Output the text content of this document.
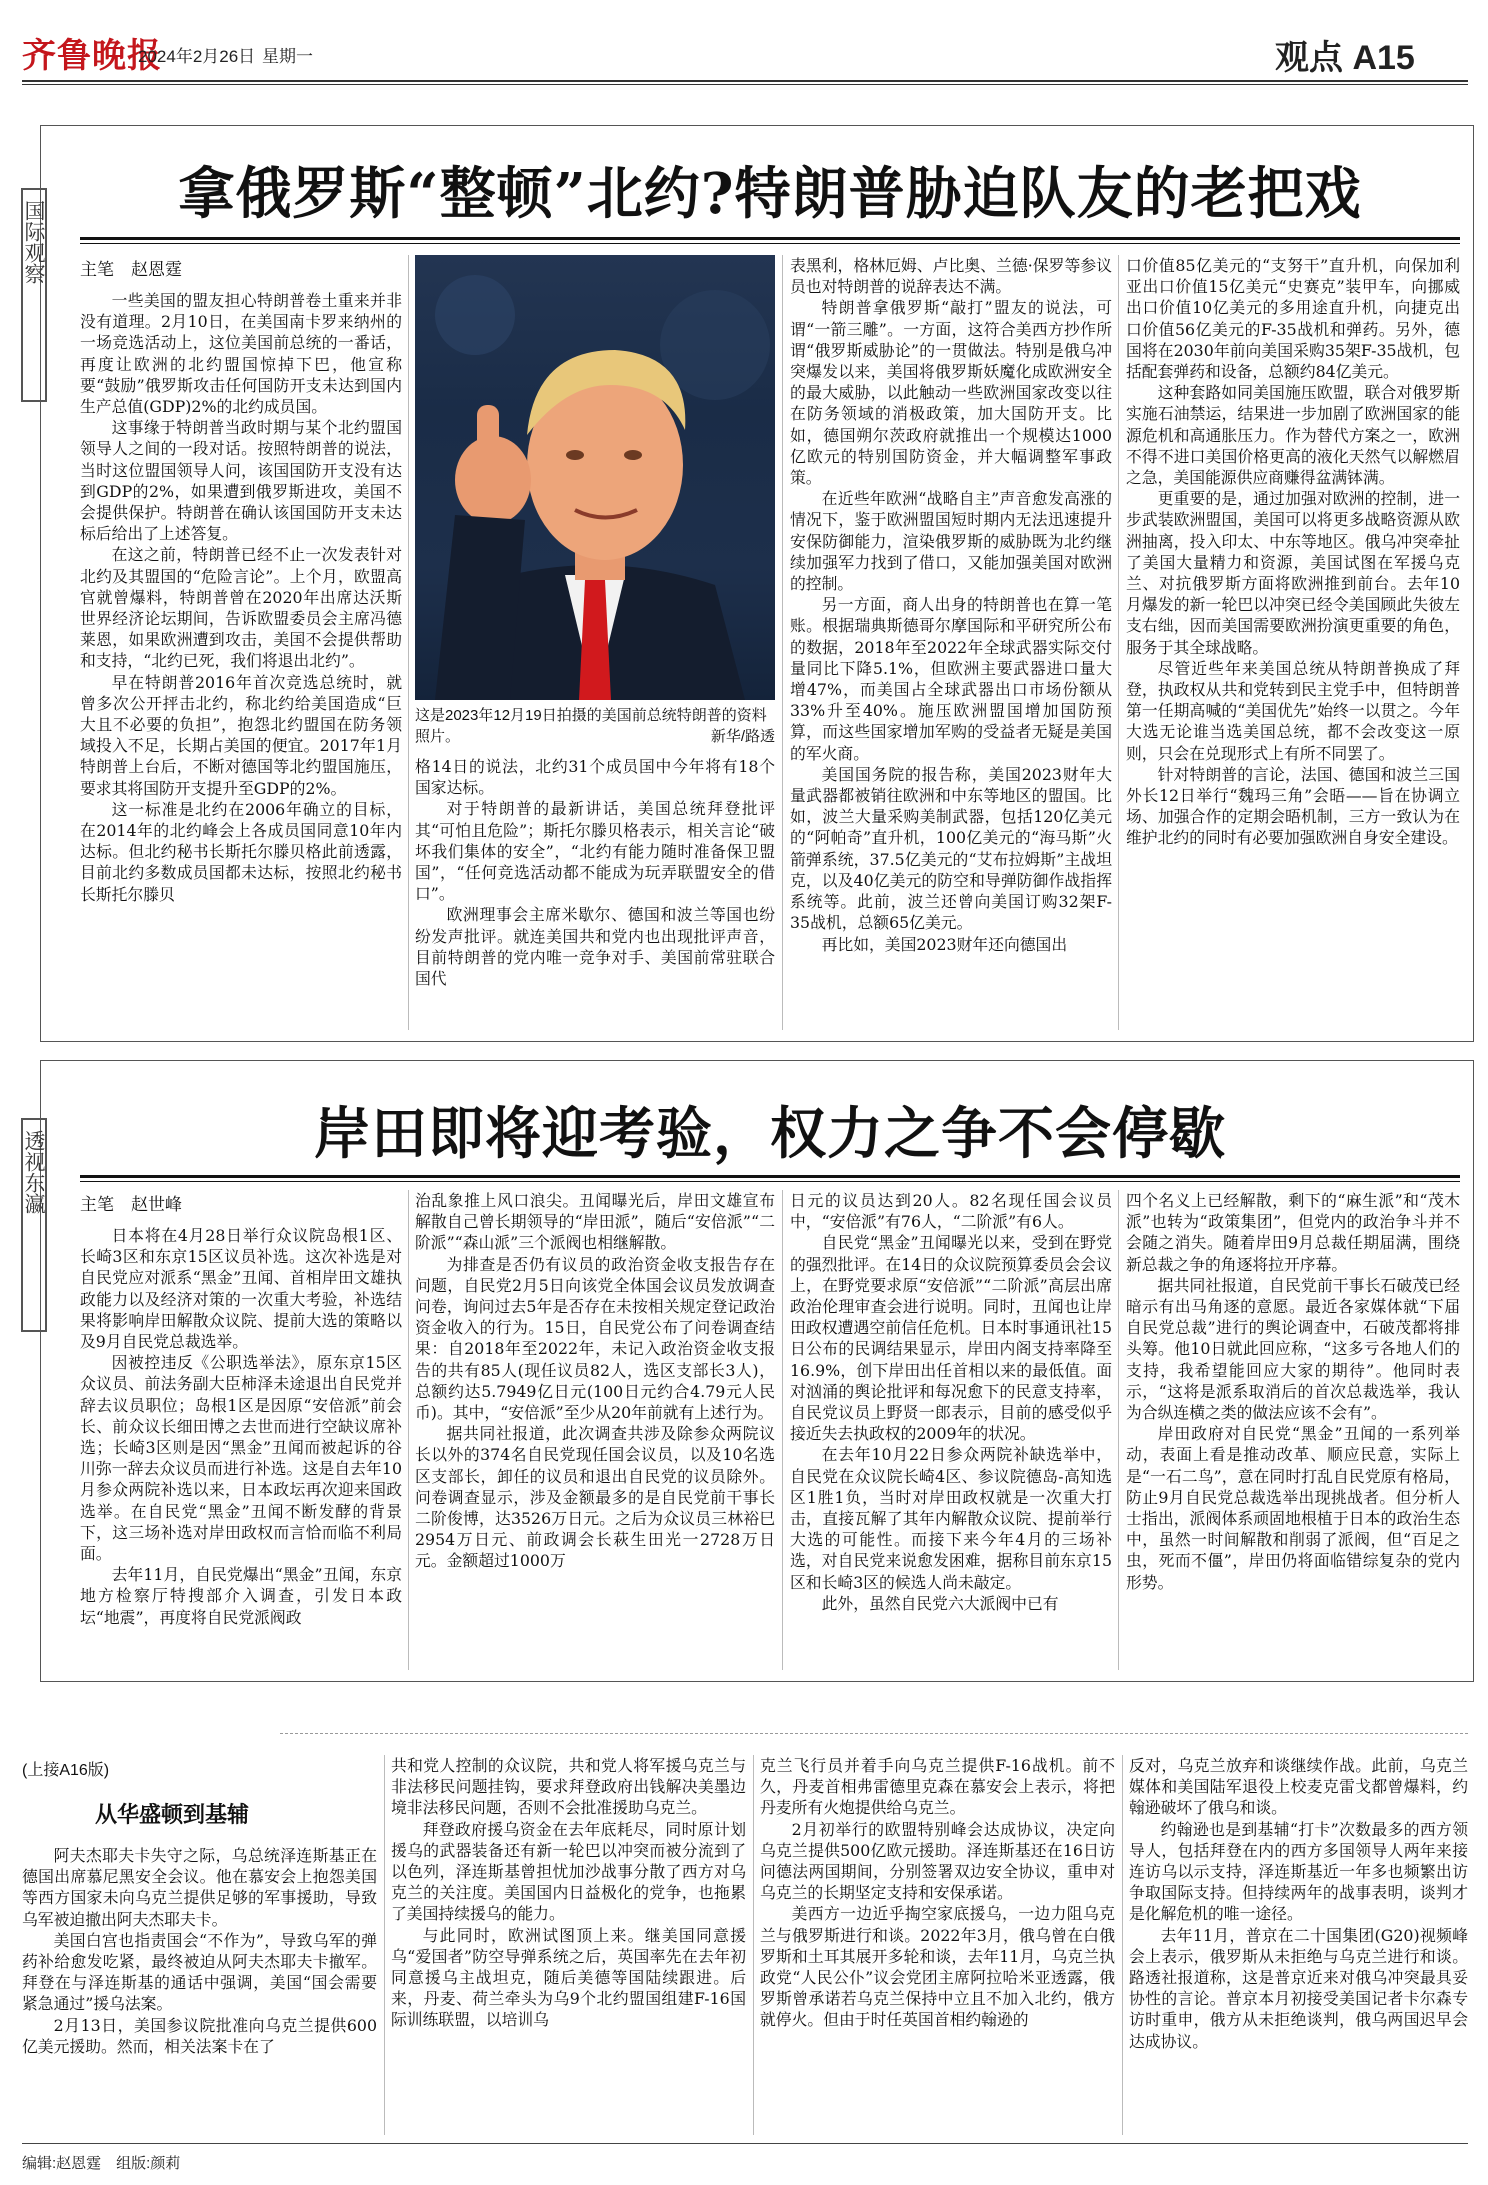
齐鲁晚报
2024年2月26日 星期一	观点 A15
国际观察
拿俄罗斯“整顿”北约?特朗普胁迫队友的老把戏
主笔　赵恩霆

一些美国的盟友担心特朗普卷土重来并非没有道理。2月10日，在美国南卡罗来纳州的一场竞选活动上，这位美国前总统的一番话，再度让欧洲的北约盟国惊掉下巴，他宣称要“鼓励”俄罗斯攻击任何国防开支未达到国内生产总值(GDP)2%的北约成员国。

这事缘于特朗普当政时期与某个北约盟国领导人之间的一段对话。按照特朗普的说法，当时这位盟国领导人问，该国国防开支没有达到GDP的2%，如果遭到俄罗斯进攻，美国不会提供保护。特朗普在确认该国国防开支未达标后给出了上述答复。

在这之前，特朗普已经不止一次发表针对北约及其盟国的“危险言论”。上个月，欧盟高官就曾爆料，特朗普曾在2020年出席达沃斯世界经济论坛期间，告诉欧盟委员会主席冯德莱恩，如果欧洲遭到攻击，美国不会提供帮助和支持，“北约已死，我们将退出北约”。

早在特朗普2016年首次竞选总统时，就曾多次公开抨击北约，称北约给美国造成“巨大且不必要的负担”，抱怨北约盟国在防务领域投入不足，长期占美国的便宜。2017年1月特朗普上台后，不断对德国等北约盟国施压，要求其将国防开支提升至GDP的2%。

这一标准是北约在2006年确立的目标，在2014年的北约峰会上各成员国同意10年内达标。但北约秘书长斯托尔滕贝格此前透露，目前北约多数成员国都未达标，按照北约秘书长斯托尔滕贝

这是2023年12月19日拍摄的美国前总统特朗普的资料照片。	新华/路透

格14日的说法，北约31个成员国中今年将有18个国家达标。

对于特朗普的最新讲话，美国总统拜登批评其“可怕且危险”；斯托尔滕贝格表示，相关言论“破坏我们集体的安全”，“北约有能力随时准备保卫盟国”，“任何竞选活动都不能成为玩弄联盟安全的借口”。

欧洲理事会主席米歇尔、德国和波兰等国也纷纷发声批评。就连美国共和党内也出现批评声音，目前特朗普的党内唯一竞争对手、美国前常驻联合国代

表黑利，格林厄姆、卢比奥、兰德·保罗等参议员也对特朗普的说辞表达不满。

特朗普拿俄罗斯“敲打”盟友的说法，可谓“一箭三雕”。一方面，这符合美西方抄作所谓“俄罗斯威胁论”的一贯做法。特别是俄乌冲突爆发以来，美国将俄罗斯妖魔化成欧洲安全的最大威胁，以此触动一些欧洲国家改变以往在防务领域的消极政策，加大国防开支。比如，德国朔尔茨政府就推出一个规模达1000亿欧元的特别国防资金，并大幅调整军事政策。

在近些年欧洲“战略自主”声音愈发高涨的情况下，鉴于欧洲盟国短时期内无法迅速提升安保防御能力，渲染俄罗斯的威胁既为北约继续加强军力找到了借口，又能加强美国对欧洲的控制。

另一方面，商人出身的特朗普也在算一笔账。根据瑞典斯德哥尔摩国际和平研究所公布的数据，2018年至2022年全球武器实际交付量同比下降5.1%，但欧洲主要武器进口量大增47%，而美国占全球武器出口市场份额从33%升至40%。施压欧洲盟国增加国防预算，而这些国家增加军购的受益者无疑是美国的军火商。

美国国务院的报告称，美国2023财年大量武器都被销往欧洲和中东等地区的盟国。比如，波兰大量采购美制武器，包括120亿美元的“阿帕奇”直升机，100亿美元的“海马斯”火箭弹系统，37.5亿美元的“艾布拉姆斯”主战坦克，以及40亿美元的防空和导弹防御作战指挥系统等。此前，波兰还曾向美国订购32架F-35战机，总额65亿美元。

再比如，美国2023财年还向德国出

口价值85亿美元的“支努干”直升机，向保加利亚出口价值15亿美元“史赛克”装甲车，向挪威出口价值10亿美元的多用途直升机，向捷克出口价值56亿美元的F-35战机和弹药。另外，德国将在2030年前向美国采购35架F-35战机，包括配套弹药和设备，总额约84亿美元。

这种套路如同美国施压欧盟，联合对俄罗斯实施石油禁运，结果进一步加剧了欧洲国家的能源危机和高通胀压力。作为替代方案之一，欧洲不得不进口美国价格更高的液化天然气以解燃眉之急，美国能源供应商赚得盆满钵满。

更重要的是，通过加强对欧洲的控制，进一步武装欧洲盟国，美国可以将更多战略资源从欧洲抽离，投入印太、中东等地区。俄乌冲突牵扯了美国大量精力和资源，美国试图在军援乌克兰、对抗俄罗斯方面将欧洲推到前台。去年10月爆发的新一轮巴以冲突已经令美国顾此失彼左支右绌，因而美国需要欧洲扮演更重要的角色，服务于其全球战略。

尽管近些年来美国总统从特朗普换成了拜登，执政权从共和党转到民主党手中，但特朗普第一任期高喊的“美国优先”始终一以贯之。今年大选无论谁当选美国总统，都不会改变这一原则，只会在兑现形式上有所不同罢了。

针对特朗普的言论，法国、德国和波兰三国外长12日举行“魏玛三角”会晤——旨在协调立场、加强合作的定期会晤机制，三方一致认为在维护北约的同时有必要加强欧洲自身安全建设。

透视东瀛	岸田即将迎考验，权力之争不会停歇
主笔　赵世峰

日本将在4月28日举行众议院岛根1区、长崎3区和东京15区议员补选。这次补选是对自民党应对派系“黑金”丑闻、首相岸田文雄执政能力以及经济对策的一次重大考验，补选结果将影响岸田解散众议院、提前大选的策略以及9月自民党总裁选举。

因被控违反《公职选举法》，原东京15区众议员、前法务副大臣柿泽未途退出自民党并辞去议员职位；岛根1区是因原“安倍派”前会长、前众议长细田博之去世而进行空缺议席补选；长崎3区则是因“黑金”丑闻而被起诉的谷川弥一辞去众议员而进行补选。这是自去年10月参众两院补选以来，日本政坛再次迎来国政选举。在自民党“黑金”丑闻不断发酵的背景下，这三场补选对岸田政权而言恰而临不利局面。

去年11月，自民党爆出“黑金”丑闻，东京地方检察厅特搜部介入调查，引发日本政坛“地震”，再度将自民党派阀政

治乱象推上风口浪尖。丑闻曝光后，岸田文雄宣布解散自己曾长期领导的“岸田派”，随后“安倍派”“二阶派”“森山派”三个派阀也相继解散。

为排查是否仍有议员的政治资金收支报告存在问题，自民党2月5日向该党全体国会议员发放调查问卷，询问过去5年是否存在未按相关规定登记政治资金收入的行为。15日，自民党公布了问卷调查结果：自2018年至2022年，未记入政治资金收支报告的共有85人(现任议员82人，选区支部长3人)，总额约达5.7949亿日元(100日元约合4.79元人民币)。其中，“安倍派”至少从20年前就有上述行为。

据共同社报道，此次调查共涉及除参众两院议长以外的374名自民党现任国会议员，以及10名选区支部长，卸任的议员和退出自民党的议员除外。问卷调查显示，涉及金额最多的是自民党前干事长二阶俊博，达3526万日元。之后为众议员三林裕巳2954万日元、前政调会长萩生田光一2728万日元。金额超过1000万

日元的议员达到20人。82名现任国会议员中，“安倍派”有76人，“二阶派”有6人。

自民党“黑金”丑闻曝光以来，受到在野党的强烈批评。在14日的众议院预算委员会会议上，在野党要求原“安倍派”“二阶派”高层出席政治伦理审查会进行说明。同时，丑闻也让岸田政权遭遇空前信任危机。日本时事通讯社15日公布的民调结果显示，岸田内阁支持率降至16.9%，创下岸田出任首相以来的最低值。面对汹涌的舆论批评和每况愈下的民意支持率，自民党议员上野贤一郎表示，目前的感受似乎接近失去执政权的2009年的状况。

在去年10月22日参众两院补缺选举中，自民党在众议院长崎4区、参议院德岛-高知选区1胜1负，当时对岸田政权就是一次重大打击，直接瓦解了其年内解散众议院、提前举行大选的可能性。而接下来今年4月的三场补选，对自民党来说愈发困难，据称目前东京15区和长崎3区的候选人尚未敲定。

此外，虽然自民党六大派阀中已有

四个名义上已经解散，剩下的“麻生派”和“茂木派”也转为“政策集团”，但党内的政治争斗并不会随之消失。随着岸田9月总裁任期届满，围绕新总裁之争的角逐将拉开序幕。

据共同社报道，自民党前干事长石破茂已经暗示有出马角逐的意愿。最近各家媒体就“下届自民党总裁”进行的舆论调查中，石破茂都将排头筹。他10日就此回应称，“这多亏各地人们的支持，我希望能回应大家的期待”。他同时表示，“这将是派系取消后的首次总裁选举，我认为合纵连横之类的做法应该不会有”。

岸田政府对自民党“黑金”丑闻的一系列举动，表面上看是推动改革、顺应民意，实际上是“一石二鸟”，意在同时打乱自民党原有格局，防止9月自民党总裁选举出现挑战者。但分析人士指出，派阀体系顽固地根植于日本的政治生态中，虽然一时间解散和削弱了派阀，但“百足之虫，死而不僵”，岸田仍将面临错综复杂的党内形势。

(上接A16版)
从华盛顿到基辅

阿夫杰耶夫卡失守之际，乌总统泽连斯基正在德国出席慕尼黑安全会议。他在慕安会上抱怨美国等西方国家未向乌克兰提供足够的军事援助，导致乌军被迫撤出阿夫杰耶夫卡。

美国白宫也指责国会“不作为”，导致乌军的弹药补给愈发吃紧，最终被迫从阿夫杰耶夫卡撤军。拜登在与泽连斯基的通话中强调，美国“国会需要紧急通过”援乌法案。

2月13日，美国参议院批准向乌克兰提供600亿美元援助。然而，相关法案卡在了

共和党人控制的众议院，共和党人将军援乌克兰与非法移民问题挂钩，要求拜登政府出钱解决美墨边境非法移民问题，否则不会批准援助乌克兰。

拜登政府援乌资金在去年底耗尽，同时原计划援乌的武器装备还有新一轮巴以冲突而被分流到了以色列，泽连斯基曾担忧加沙战事分散了西方对乌克兰的关注度。美国国内日益极化的党争，也拖累了美国持续援乌的能力。

与此同时，欧洲试图顶上来。继美国同意援乌“爱国者”防空导弹系统之后，英国率先在去年初同意援乌主战坦克，随后美德等国陆续跟进。后来，丹麦、荷兰牵头为乌9个北约盟国组建F-16国际训练联盟，以培训乌

克兰飞行员并着手向乌克兰提供F-16战机。前不久，丹麦首相弗雷德里克森在慕安会上表示，将把丹麦所有火炮提供给乌克兰。

2月初举行的欧盟特别峰会达成协议，决定向乌克兰提供500亿欧元援助。泽连斯基还在16日访问德法两国期间，分别签署双边安全协议，重申对乌克兰的长期坚定支持和安保承诺。

美西方一边近乎掏空家底援乌，一边力阻乌克兰与俄罗斯进行和谈。2022年3月，俄乌曾在白俄罗斯和土耳其展开多轮和谈，去年11月，乌克兰执政党“人民公仆”议会党团主席阿拉哈米亚透露，俄罗斯曾承诺若乌克兰保持中立且不加入北约，俄方就停火。但由于时任英国首相约翰逊的

反对，乌克兰放弃和谈继续作战。此前，乌克兰媒体和美国陆军退役上校麦克雷戈都曾爆料，约翰逊破坏了俄乌和谈。

约翰逊也是到基辅“打卡”次数最多的西方领导人，包括拜登在内的西方多国领导人两年来接连访乌以示支持，泽连斯基近一年多也频繁出访争取国际支持。但持续两年的战事表明，谈判才是化解危机的唯一途径。

去年11月，普京在二十国集团(G20)视频峰会上表示，俄罗斯从未拒绝与乌克兰进行和谈。路透社报道称，这是普京近来对俄乌冲突最具妥协性的言论。普京本月初接受美国记者卡尔森专访时重申，俄方从未拒绝谈判，俄乌两国迟早会达成协议。

编辑:赵恩霆　组版:颜莉
